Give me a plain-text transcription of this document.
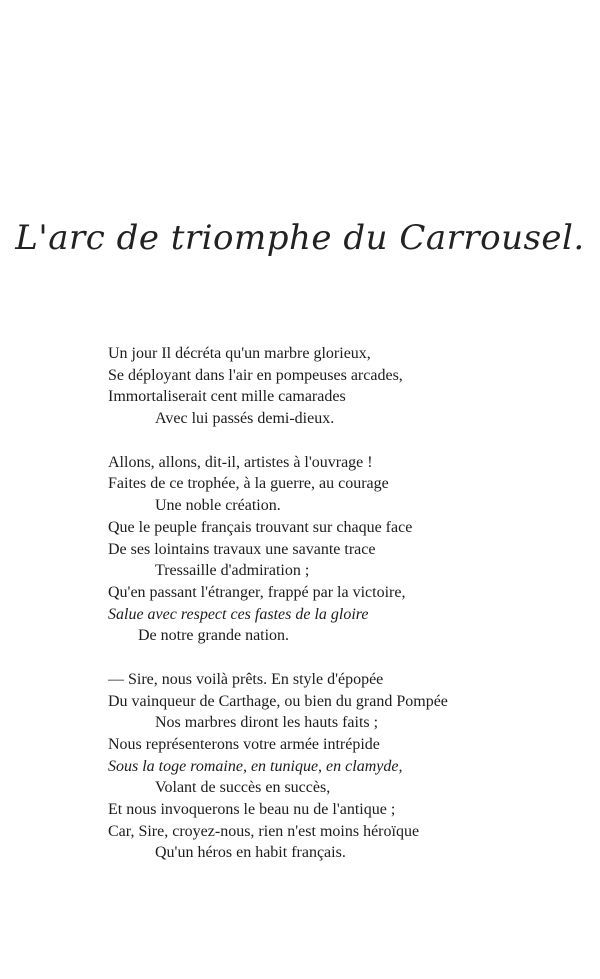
L'arc de triomphe du Carrousel.
Un jour Il décréta qu'un marbre glorieux,
Se déployant dans l'air en pompeuses arcades,
Immortaliserait cent mille camarades
Avec lui passés demi-dieux.
Allons, allons, dit-il, artistes à l'ouvrage !
Faites de ce trophée, à la guerre, au courage
Une noble création.
Que le peuple français trouvant sur chaque face
De ses lointains travaux une savante trace
Tressaille d'admiration ;
Qu'en passant l'étranger, frappé par la victoire,
Salue avec respect ces fastes de la gloire
De notre grande nation.
— Sire, nous voilà prêts. En style d'épopée
Du vainqueur de Carthage, ou bien du grand Pompée
Nos marbres diront les hauts faits ;
Nous représenterons votre armée intrépide
Sous la toge romaine, en tunique, en clamyde,
Volant de succès en succès,
Et nous invoquerons le beau nu de l'antique ;
Car, Sire, croyez-nous, rien n'est moins héroïque
Qu'un héros en habit français.
